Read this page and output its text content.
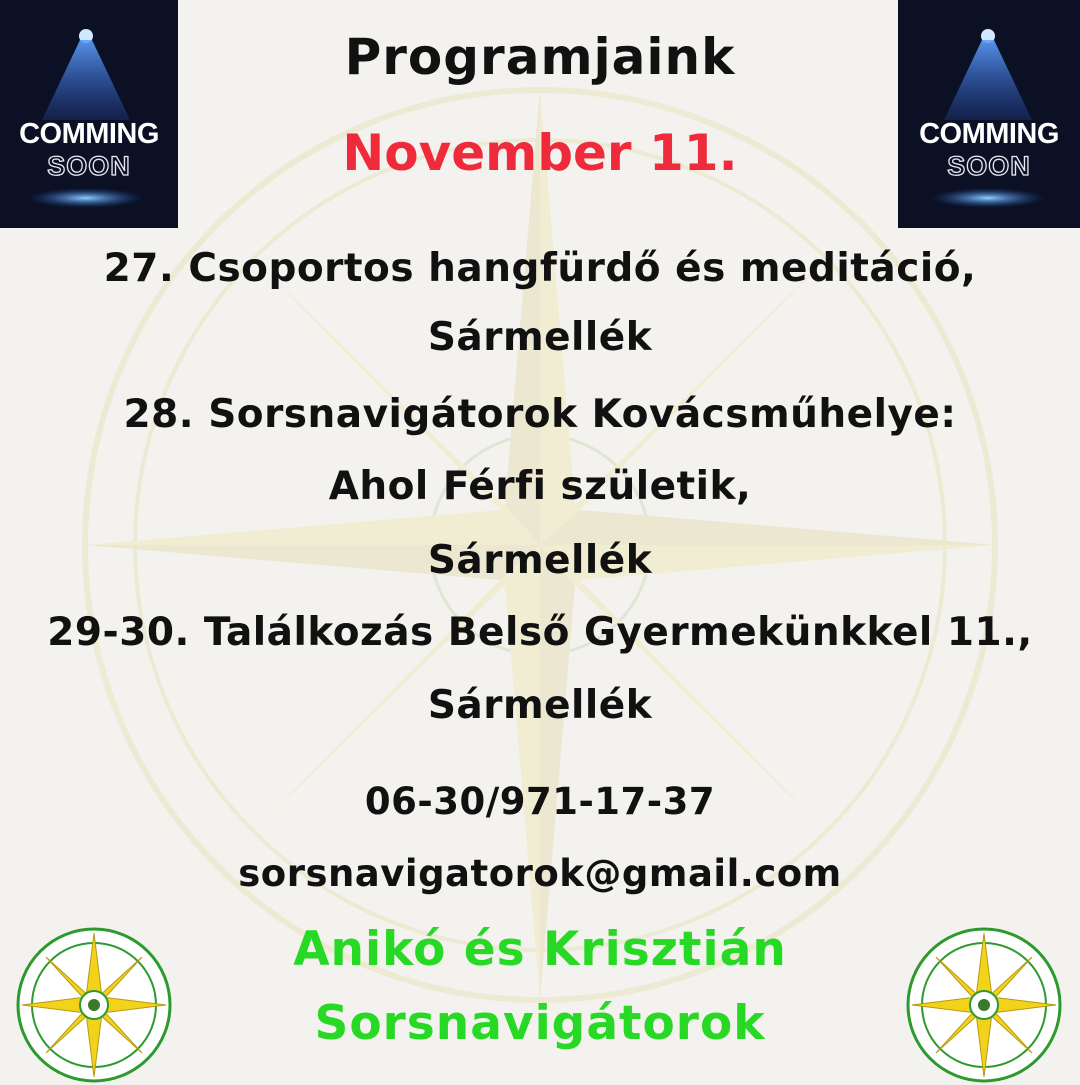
COMMING
SOON
COMMING
SOON
Programjaink
November 11.
27. Csoportos hangfürdő és meditáció,
Sármellék
28. Sorsnavigátorok Kovácsműhelye:
Ahol Férfi születik,
Sármellék
29-30. Találkozás Belső Gyermekünkkel 11.,
Sármellék
06-30/971-17-37
sorsnavigatorok@gmail.com
Anikó és Krisztián
Sorsnavigátorok
